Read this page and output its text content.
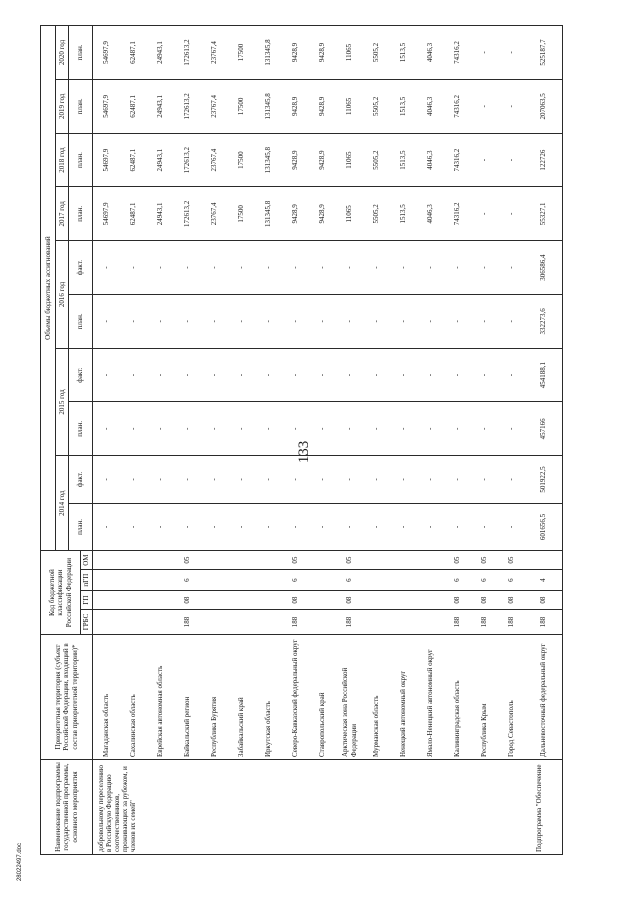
133
Наименование подпрограммы государственной программы, основного мероприятия	Приоритетная территория (субъект Российской Федерации, входящий в состав приоритетной территории)*	Код бюджетной классификации Российской Федерации				Объемы бюджетных ассигнований									
						2014 год		2015 год		2016 год		2017 год	2018 год	2019 год	2020 год
						план.	факт.	план.	факт.	план.	факт.	план.	план.	план.	план.
		ГРБС	ГП	пГП	ОМ										
добровольному переселению в Российскую Федерацию соотечественников, проживающих за рубежом, и членов их семей"	Магаданская область					-	-	-	-	-	-	54697,9	54697,9	54697,9	54697,9
	Сахалинская область					-	-	-	-	-	-	62487,1	62487,1	62487,1	62487,1
	Еврейская автономная область					-	-	-	-	-	-	24943,1	24943,1	24943,1	24943,1
	Байкальский регион	188	08	6	05	-	-	-	-	-	-	172613,2	172613,2	172613,2	172613,2
	Республика Бурятия					-	-	-	-	-	-	23767,4	23767,4	23767,4	23767,4
	Забайкальский край					-	-	-	-	-	-	17500	17500	17500	17500
	Иркутская область					-	-	-	-	-	-	131345,8	131345,8	131345,8	131345,8
	Северо-Кавказский федеральный округ	188	08	6	05	-	-	-	-	-	-	9428,9	9428,9	9428,9	9428,9
	Ставропольский край					-	-	-	-	-	-	9428,9	9428,9	9428,9	9428,9
	Арктическая зона Российской Федерации	188	08	6	05	-	-	-	-	-	-	11065	11065	11065	11065
	Мурманская область					-	-	-	-	-	-	5505,2	5505,2	5505,2	5505,2
	Ненецкий автономный округ					-	-	-	-	-	-	1513,5	1513,5	1513,5	1513,5
	Ямало-Ненецкий автономный округ					-	-	-	-	-	-	4046,3	4046,3	4046,3	4046,3
	Калининградская область	188	08	6	05	-	-	-	-	-	-	74316,2	74316,2	74316,2	74316,2
	Республика Крым	188	08	6	05	-	-	-	-	-	-	-	-	-	-
	Город Севастополь	188	08	6	05	-	-	-	-	-	-	-	-	-	-
Подпрограмма "Обеспечение	Дальневосточный федеральный округ	188	08	4		601656,5	501922,5	457166	454188,1	332273,6	306586,4	55327,1	122726	207063,5	525187,7
28022497.doc
